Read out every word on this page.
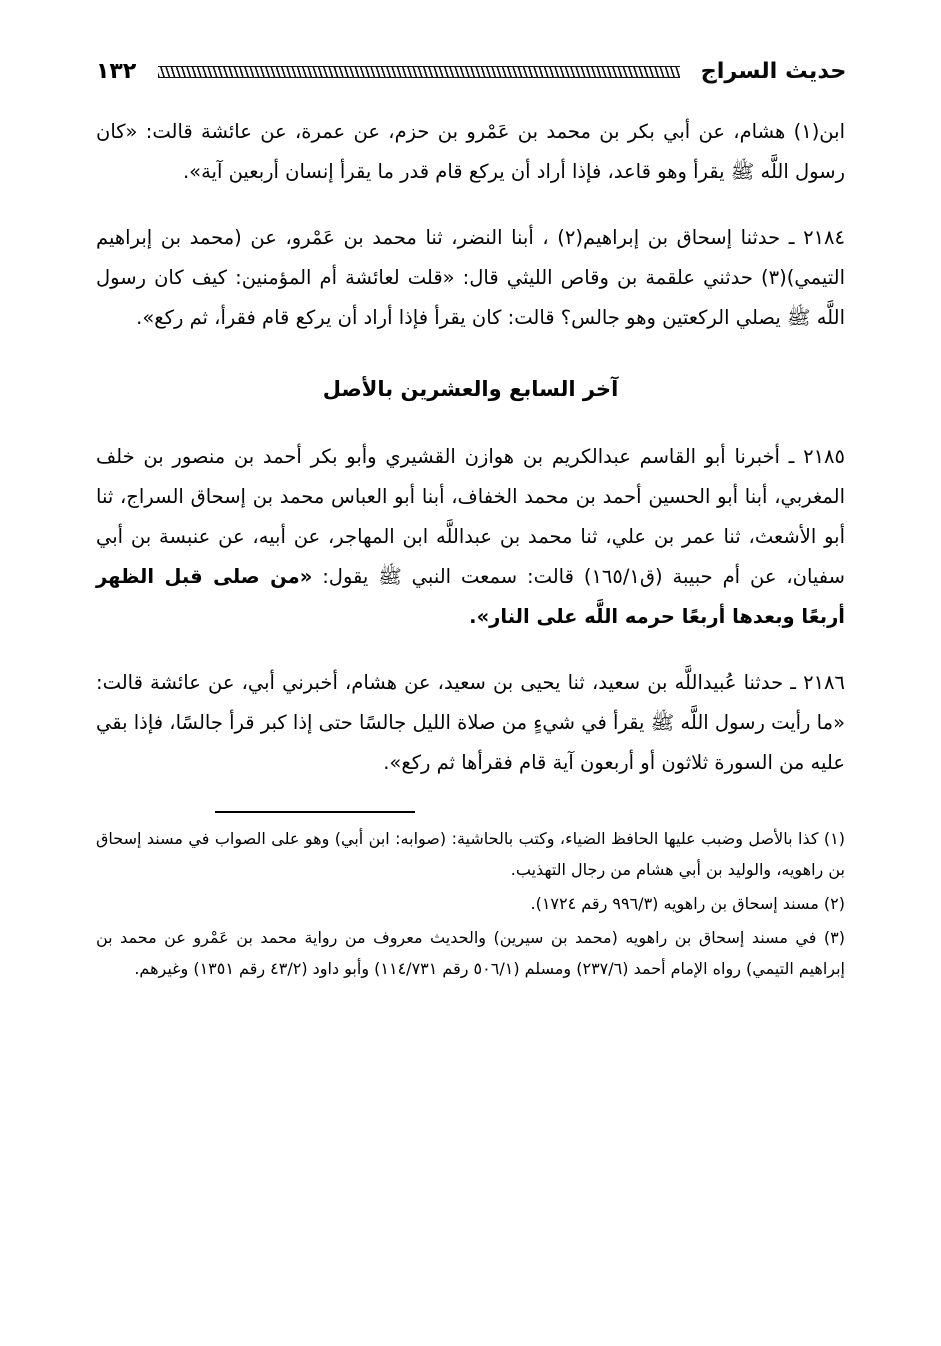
حديث السراج
١٣٢

ابن(١) هشام، عن أبي بكر بن محمد بن عَمْرو بن حزم، عن عمرة، عن عائشة قالت: «كان رسول اللَّه ﷺ يقرأ وهو قاعد، فإذا أراد أن يركع قام قدر ما يقرأ إنسان أربعين آية».

٢١٨٤ ـ حدثنا إسحاق بن إبراهيم(٢) ، أبنا النضر، ثنا محمد بن عَمْرو، عن (محمد بن إبراهيم التيمي)(٣) حدثني علقمة بن وقاص الليثي قال: «قلت لعائشة أم المؤمنين: كيف كان رسول اللَّه ﷺ يصلي الركعتين وهو جالس؟ قالت: كان يقرأ فإذا أراد أن يركع قام فقرأ، ثم ركع».

آخر السابع والعشرين بالأصل

٢١٨٥ ـ أخبرنا أبو القاسم عبدالكريم بن هوازن القشيري وأبو بكر أحمد بن منصور بن خلف المغربي، أبنا أبو الحسين أحمد بن محمد الخفاف، أبنا أبو العباس محمد بن إسحاق السراج، ثنا أبو الأشعث، ثنا عمر بن علي، ثنا محمد بن عبداللَّه ابن المهاجر، عن أبيه، عن عنبسة بن أبي سفيان، عن أم حبيبة (ق١٦٥/١) قالت: سمعت النبي ﷺ يقول: «من صلى قبل الظهر أربعًا وبعدها أربعًا حرمه اللَّه على النار».

٢١٨٦ ـ حدثنا عُبيداللَّه بن سعيد، ثنا يحيى بن سعيد، عن هشام، أخبرني أبي، عن عائشة قالت: «ما رأيت رسول اللَّه ﷺ يقرأ في شيءٍ من صلاة الليل جالسًا حتى إذا كبر قرأ جالسًا، فإذا بقي عليه من السورة ثلاثون أو أربعون آية قام فقرأها ثم ركع».

(١) كذا بالأصل وضبب عليها الحافظ الضياء، وكتب بالحاشية: (صوابه: ابن أبي) وهو على الصواب في مسند إسحاق بن راهويه، والوليد بن أبي هشام من رجال التهذيب.

(٢) مسند إسحاق بن راهويه (٩٩٦/٣ رقم ١٧٢٤).

(٣) في مسند إسحاق بن راهويه (محمد بن سيرين) والحديث معروف من رواية محمد بن عَمْرو عن محمد بن إبراهيم التيمي) رواه الإمام أحمد (٢٣٧/٦) ومسلم (٥٠٦/١ رقم ١١٤/٧٣١) وأبو داود (٤٣/٢ رقم ١٣٥١) وغيرهم.
